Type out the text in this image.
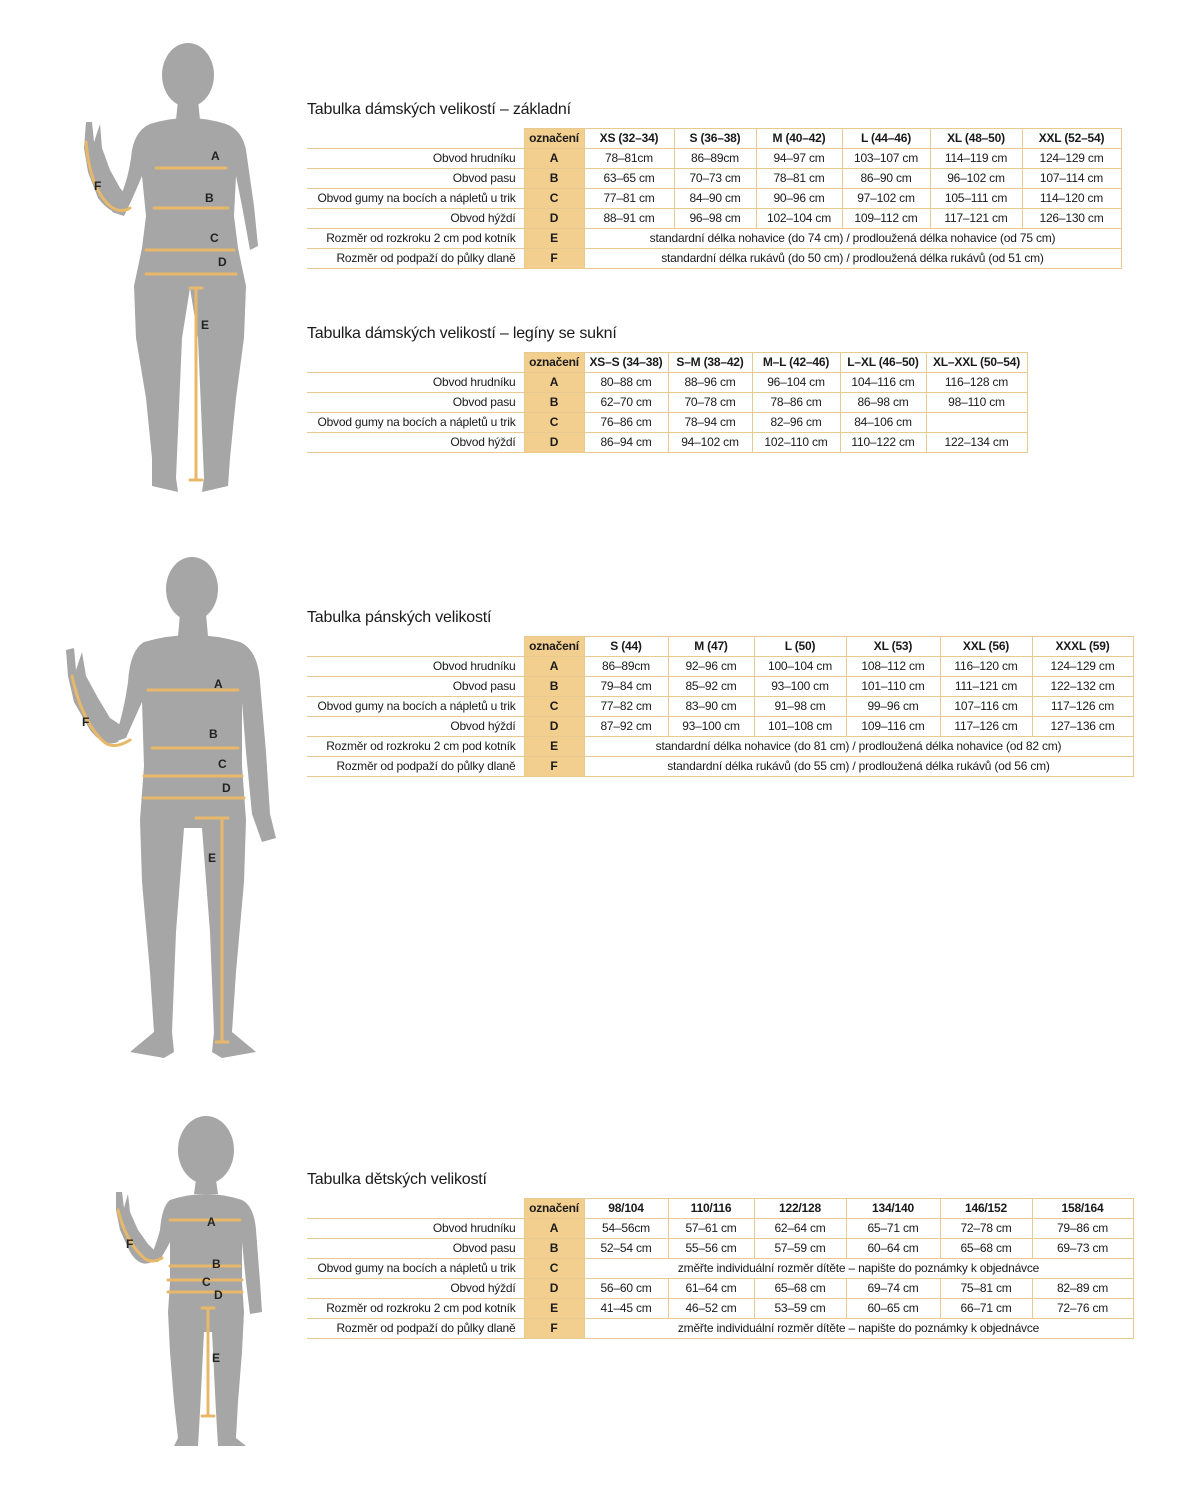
A
B
C
D
E
F
A
B
C
D
E
F
A
B
C
D
E
F
Tabulka dámských velikostí – základní
	označení	XS (32–34)	S (36–38)	M (40–42)	L (44–46)	XL (48–50)	XXL (52–54)
Obvod hrudníku	A	78–81cm	86–89cm	94–97 cm	103–107 cm	114–119 cm	124–129 cm
Obvod pasu	B	63–65 cm	70–73 cm	78–81 cm	86–90 cm	96–102 cm	107–114 cm
Obvod gumy na bocích a nápletů u trik	C	77–81 cm	84–90 cm	90–96 cm	97–102 cm	105–111 cm	114–120 cm
Obvod hýždí	D	88–91 cm	96–98 cm	102–104 cm	109–112 cm	117–121 cm	126–130 cm
Rozměr od rozkroku 2 cm pod kotník	E	standardní délka nohavice (do 74 cm) / prodloužená délka nohavice (od 75 cm)					
Rozměr od podpaží do půlky dlaně	F	standardní délka rukávů (do 50 cm) / prodloužená délka rukávů (od 51 cm)					
Tabulka dámských velikostí – legíny se sukní
	označení	XS–S (34–38)	S–M (38–42)	M–L (42–46)	L–XL (46–50)	XL–XXL (50–54)
Obvod hrudníku	A	80–88 cm	88–96 cm	96–104 cm	104–116 cm	116–128 cm
Obvod pasu	B	62–70 cm	70–78 cm	78–86 cm	86–98 cm	98–110 cm
Obvod gumy na bocích a nápletů u trik	C	76–86 cm	78–94 cm	82–96 cm	84–106 cm	
Obvod hýždí	D	86–94 cm	94–102 cm	102–110 cm	110–122 cm	122–134 cm
Tabulka pánských velikostí
	označení	S (44)	M (47)	L (50)	XL (53)	XXL (56)	XXXL (59)
Obvod hrudníku	A	86–89cm	92–96 cm	100–104 cm	108–112 cm	116–120 cm	124–129 cm
Obvod pasu	B	79–84 cm	85–92 cm	93–100 cm	101–110 cm	111–121 cm	122–132 cm
Obvod gumy na bocích a nápletů u trik	C	77–82 cm	83–90 cm	91–98 cm	99–96 cm	107–116 cm	117–126 cm
Obvod hýždí	D	87–92 cm	93–100 cm	101–108 cm	109–116 cm	117–126 cm	127–136 cm
Rozměr od rozkroku 2 cm pod kotník	E	standardní délka nohavice (do 81 cm) / prodloužená délka nohavice (od 82 cm)					
Rozměr od podpaží do půlky dlaně	F	standardní délka rukávů (do 55 cm) / prodloužená délka rukávů (od 56 cm)					
Tabulka dětských velikostí
	označení	98/104	110/116	122/128	134/140	146/152	158/164
Obvod hrudníku	A	54–56cm	57–61 cm	62–64 cm	65–71 cm	72–78 cm	79–86 cm
Obvod pasu	B	52–54 cm	55–56 cm	57–59 cm	60–64 cm	65–68 cm	69–73 cm
Obvod gumy na bocích a nápletů u trik	C	změřte individuální rozměr dítěte – napište do poznámky k objednávce					
Obvod hýždí	D	56–60 cm	61–64 cm	65–68 cm	69–74 cm	75–81 cm	82–89 cm
Rozměr od rozkroku 2 cm pod kotník	E	41–45 cm	46–52 cm	53–59 cm	60–65 cm	66–71 cm	72–76 cm
Rozměr od podpaží do půlky dlaně	F	změřte individuální rozměr dítěte – napište do poznámky k objednávce					
